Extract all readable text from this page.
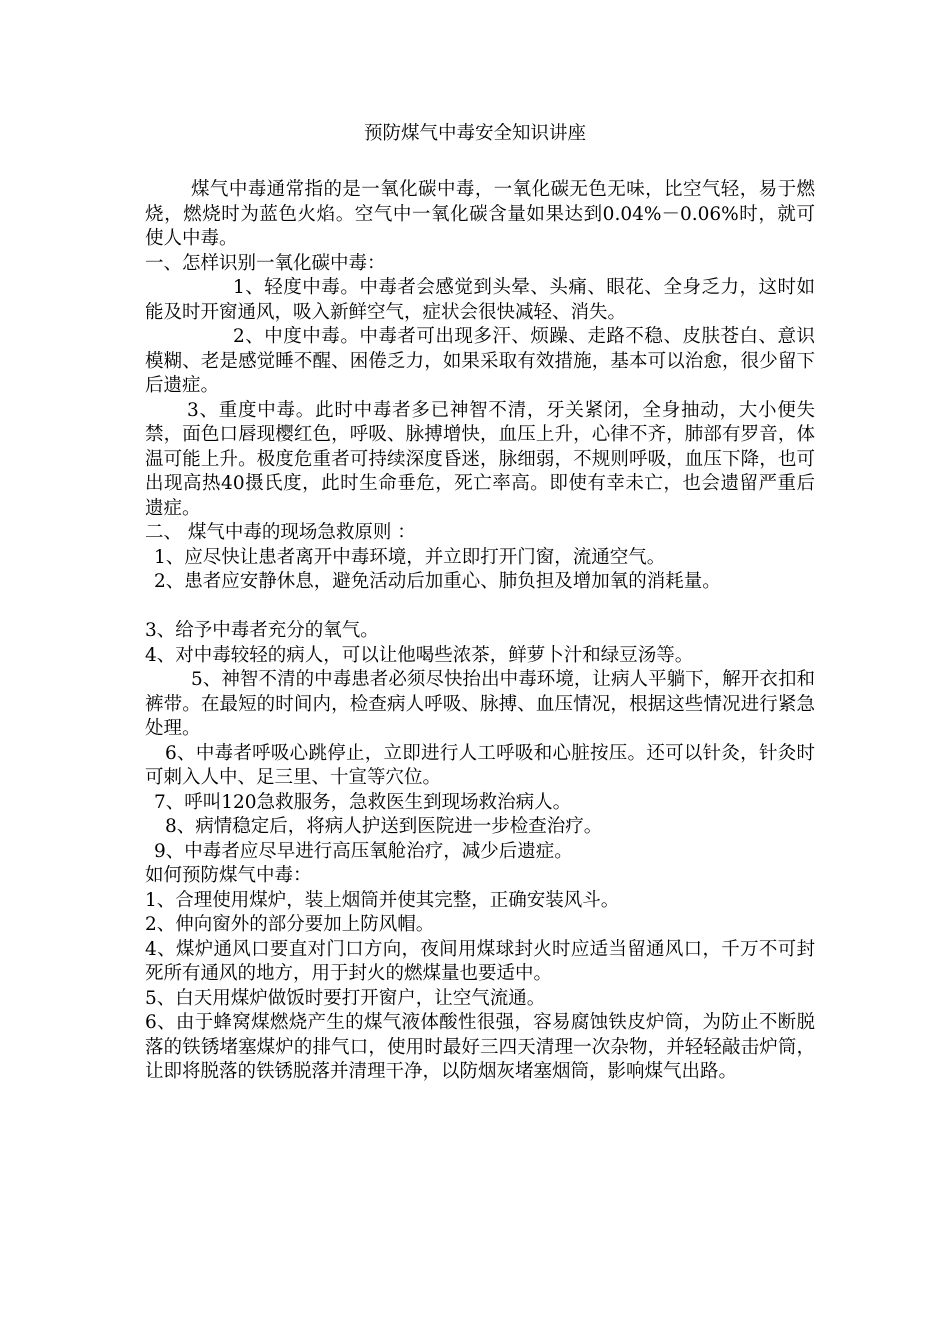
预防煤气中毒安全知识讲座

煤气中毒通常指的是一氧化碳中毒，一氧化碳无色无味，比空气轻，易于燃烧，燃烧时为蓝色火焰。空气中一氧化碳含量如果达到0.04%－0.06%时，就可使人中毒。

一、怎样识别一氧化碳中毒：

1、轻度中毒。中毒者会感觉到头晕、头痛、眼花、全身乏力，这时如能及时开窗通风，吸入新鲜空气，症状会很快减轻、消失。

2、中度中毒。中毒者可出现多汗、烦躁、走路不稳、皮肤苍白、意识模糊、老是感觉睡不醒、困倦乏力，如果采取有效措施，基本可以治愈，很少留下后遗症。

3、重度中毒。此时中毒者多已神智不清，牙关紧闭，全身抽动，大小便失禁，面色口唇现樱红色，呼吸、脉搏增快，血压上升，心律不齐，肺部有罗音，体温可能上升。极度危重者可持续深度昏迷，脉细弱，不规则呼吸，血压下降，也可出现高热40摄氏度，此时生命垂危，死亡率高。即使有幸未亡，也会遗留严重后遗症。

二、 煤气中毒的现场急救原则 ：

1、应尽快让患者离开中毒环境，并立即打开门窗，流通空气。

2、患者应安静休息，避免活动后加重心、肺负担及增加氧的消耗量。

3、给予中毒者充分的氧气。

4、对中毒较轻的病人，可以让他喝些浓茶，鲜萝卜汁和绿豆汤等。

5、神智不清的中毒患者必须尽快抬出中毒环境，让病人平躺下，解开衣扣和裤带。在最短的时间内，检查病人呼吸、脉搏、血压情况，根据这些情况进行紧急处理。

6、中毒者呼吸心跳停止，立即进行人工呼吸和心脏按压。还可以针灸，针灸时可刺入人中、足三里、十宣等穴位。

7、呼叫120急救服务，急救医生到现场救治病人。

8、病情稳定后，将病人护送到医院进一步检查治疗。

9、中毒者应尽早进行高压氧舱治疗，减少后遗症。

如何预防煤气中毒：

1、合理使用煤炉，装上烟筒并使其完整，正确安装风斗。

2、伸向窗外的部分要加上防风帽。

4、煤炉通风口要直对门口方向，夜间用煤球封火时应适当留通风口，千万不可封死所有通风的地方，用于封火的燃煤量也要适中。

5、白天用煤炉做饭时要打开窗户，让空气流通。

6、由于蜂窝煤燃烧产生的煤气液体酸性很强，容易腐蚀铁皮炉筒，为防止不断脱落的铁锈堵塞煤炉的排气口，使用时最好三四天清理一次杂物，并轻轻敲击炉筒，让即将脱落的铁锈脱落并清理干净，以防烟灰堵塞烟筒，影响煤气出路。
